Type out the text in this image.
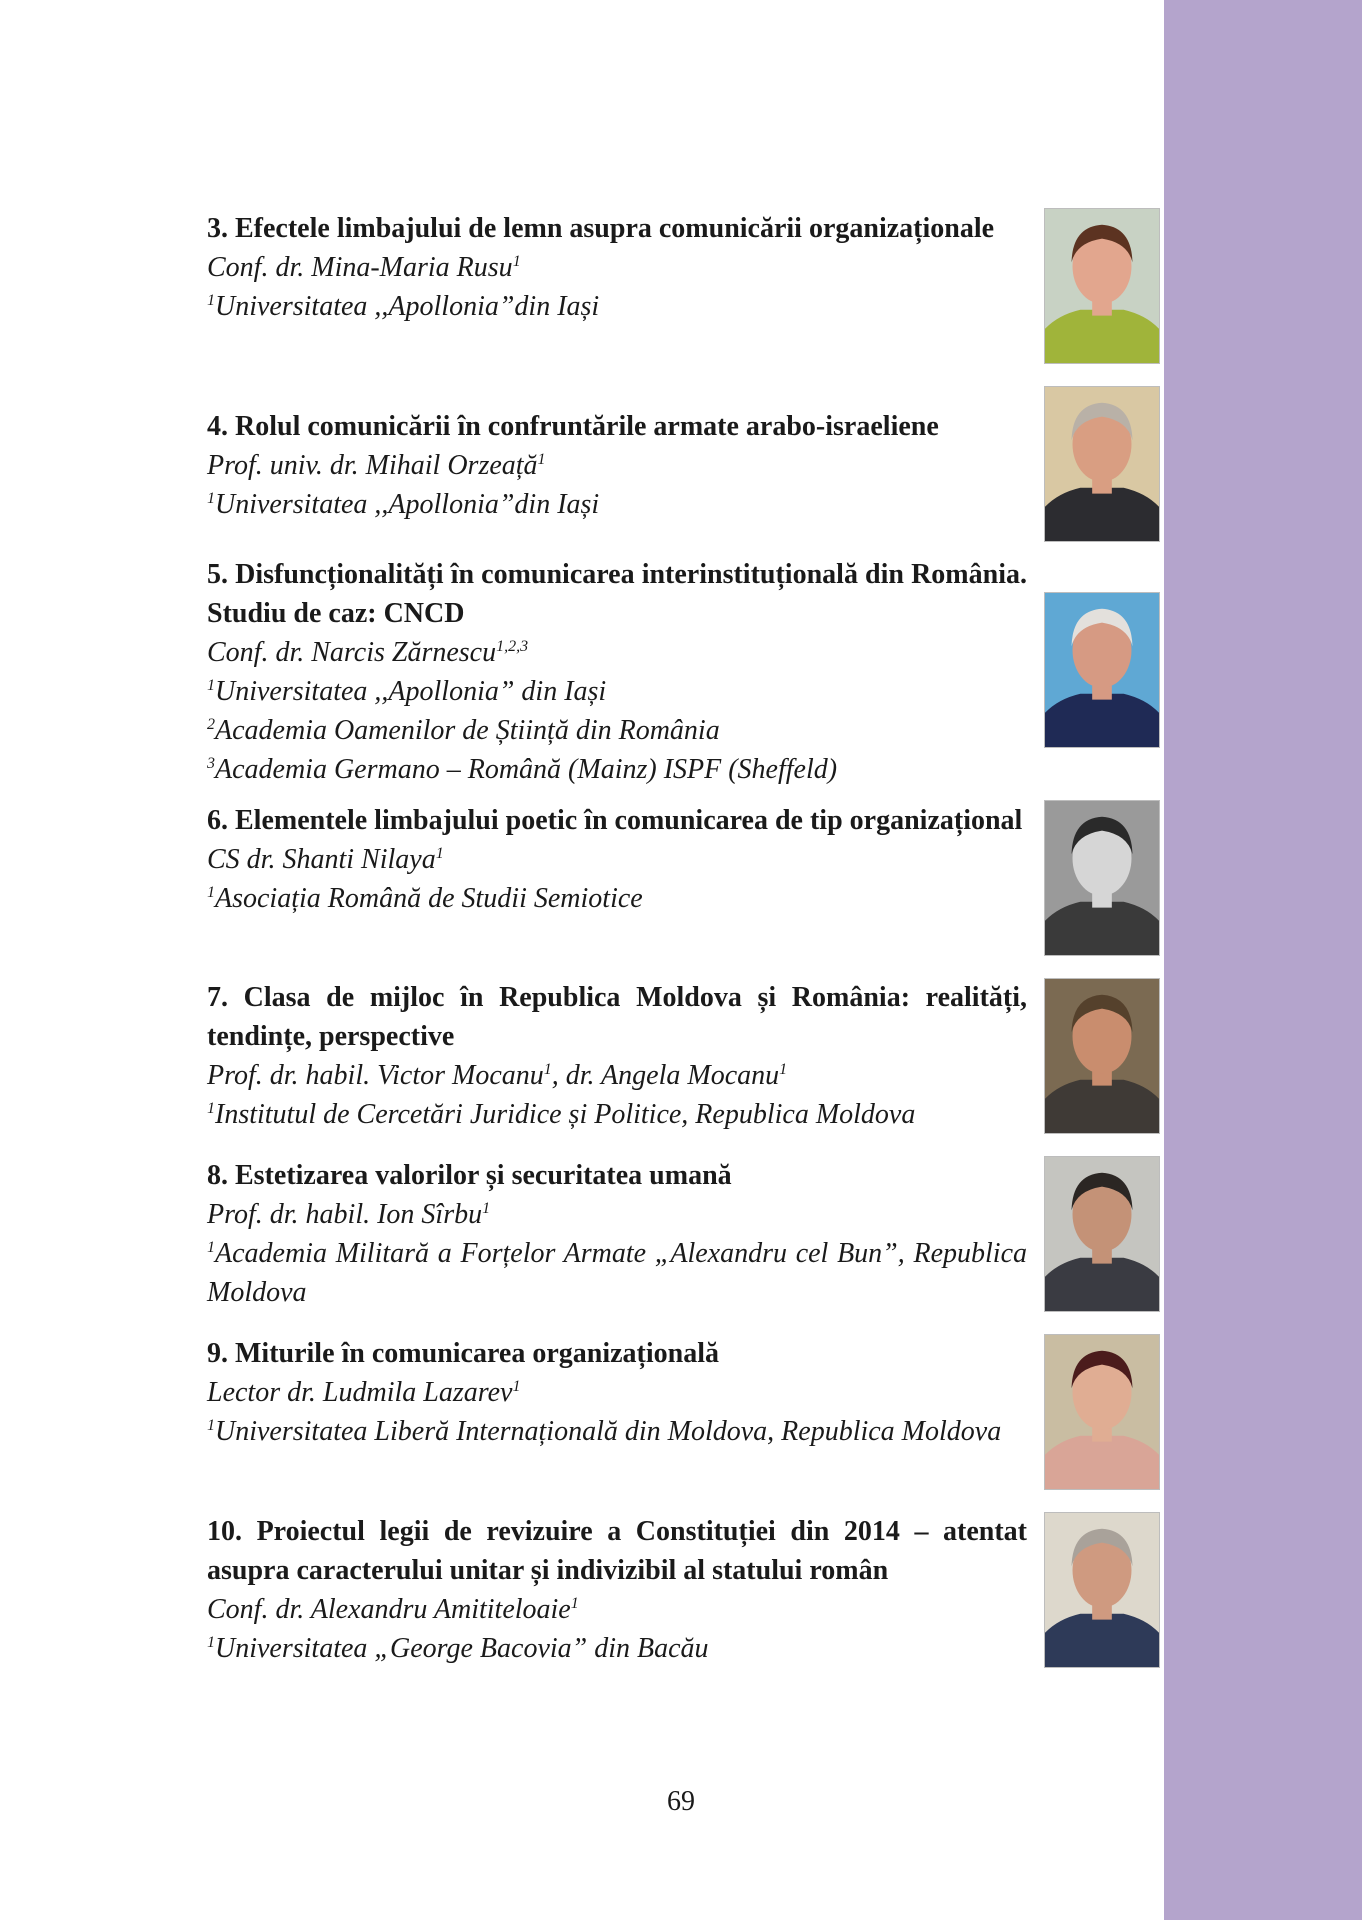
3. Efectele limbajului de lemn asupra comunicării organizaționale
Conf. dr. Mina-Maria Rusu$^1$
$^1$Universitatea ,,Apollonia”din Iași
4. Rolul comunicării în confruntările armate arabo-israeliene
Prof. univ. dr. Mihail Orzeață$^1$
$^1$Universitatea ,,Apollonia”din Iași
5. Disfuncționalități în comunicarea interinstituțională din România. Studiu de caz: CNCD
Conf. dr. Narcis Zărnescu$^{1,2,3}$
$^1$Universitatea ,,Apollonia” din Iași
$^2$Academia Oamenilor de Știință din România
$^3$Academia Germano – Română (Mainz) ISPF (Sheffeld)
6. Elementele limbajului poetic în comunicarea de tip organizațional
CS dr. Shanti Nilaya$^1$
$^1$Asociația Română de Studii Semiotice
7. Clasa de mijloc în Republica Moldova și România: realități, tendințe, perspective
Prof. dr. habil. Victor Mocanu$^1$, dr. Angela Mocanu$^1$
$^1$Institutul de Cercetări Juridice și Politice, Republica Moldova
8. Estetizarea valorilor și securitatea umană
Prof. dr. habil. Ion Sîrbu$^1$
$^1$Academia Militară a Forțelor Armate „Alexandru cel Bun”, Republica Moldova
9. Miturile în comunicarea organizațională
Lector dr. Ludmila Lazarev$^1$
$^1$Universitatea Liberă Internațională din Moldova, Republica Moldova
10. Proiectul legii de revizuire a Constituției din 2014 – atentat asupra caracterului unitar și indivizibil al statului român
Conf. dr. Alexandru Amititeloaie$^1$
$^1$Universitatea „George Bacovia” din Bacău
69
